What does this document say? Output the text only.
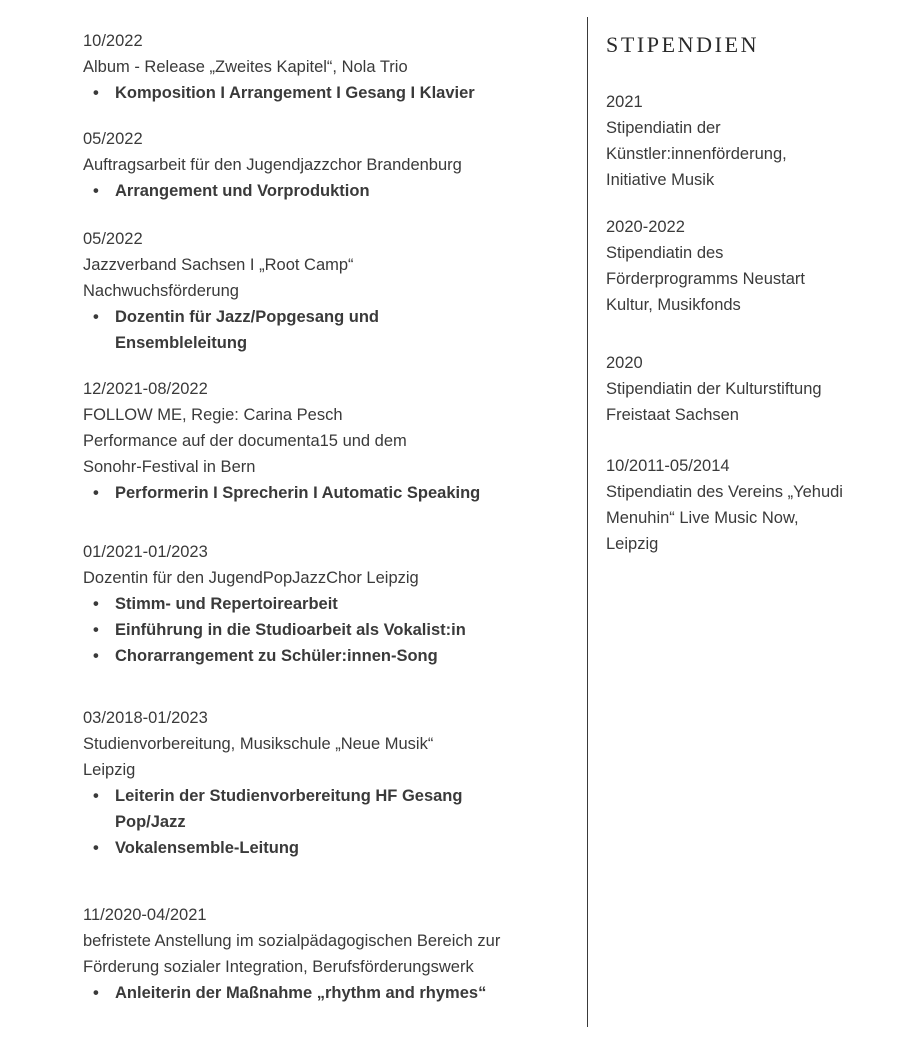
10/2022
Album - Release „Zweites Kapitel“, Nola Trio
• Komposition I Arrangement I Gesang I Klavier
05/2022
Auftragsarbeit für den Jugendjazzchor Brandenburg
• Arrangement und Vorproduktion
05/2022
Jazzverband Sachsen I „Root Camp“
Nachwuchsförderung
• Dozentin für Jazz/Popgesang und Ensembleleitung
12/2021-08/2022
FOLLOW ME, Regie: Carina Pesch
Performance auf der documenta15 und dem
Sonohr-Festival in Bern
• Performerin I Sprecherin I Automatic Speaking
01/2021-01/2023
Dozentin für den JugendPopJazzChor Leipzig
• Stimm- und Repertoirearbeit
• Einführung in die Studioarbeit als Vokalist:in
• Chorarrangement zu Schüler:innen-Song
03/2018-01/2023
Studienvorbereitung, Musikschule „Neue Musik“
Leipzig
• Leiterin der Studienvorbereitung HF Gesang Pop/Jazz
• Vokalensemble-Leitung
11/2020-04/2021
befristete Anstellung im sozialpädagogischen Bereich zur
Förderung sozialer Integration, Berufsförderungswerk
• Anleiterin der Maßnahme „rhythm and rhymes“
STIPENDIEN
2021
Stipendiatin der
Künstler:innenförderung,
Initiative Musik
2020-2022
Stipendiatin des
Förderprogramms Neustart
Kultur, Musikfonds
2020
Stipendiatin der Kulturstiftung
Freistaat Sachsen
10/2011-05/2014
Stipendiatin des Vereins „Yehudi
Menuhin“ Live Music Now,
Leipzig
